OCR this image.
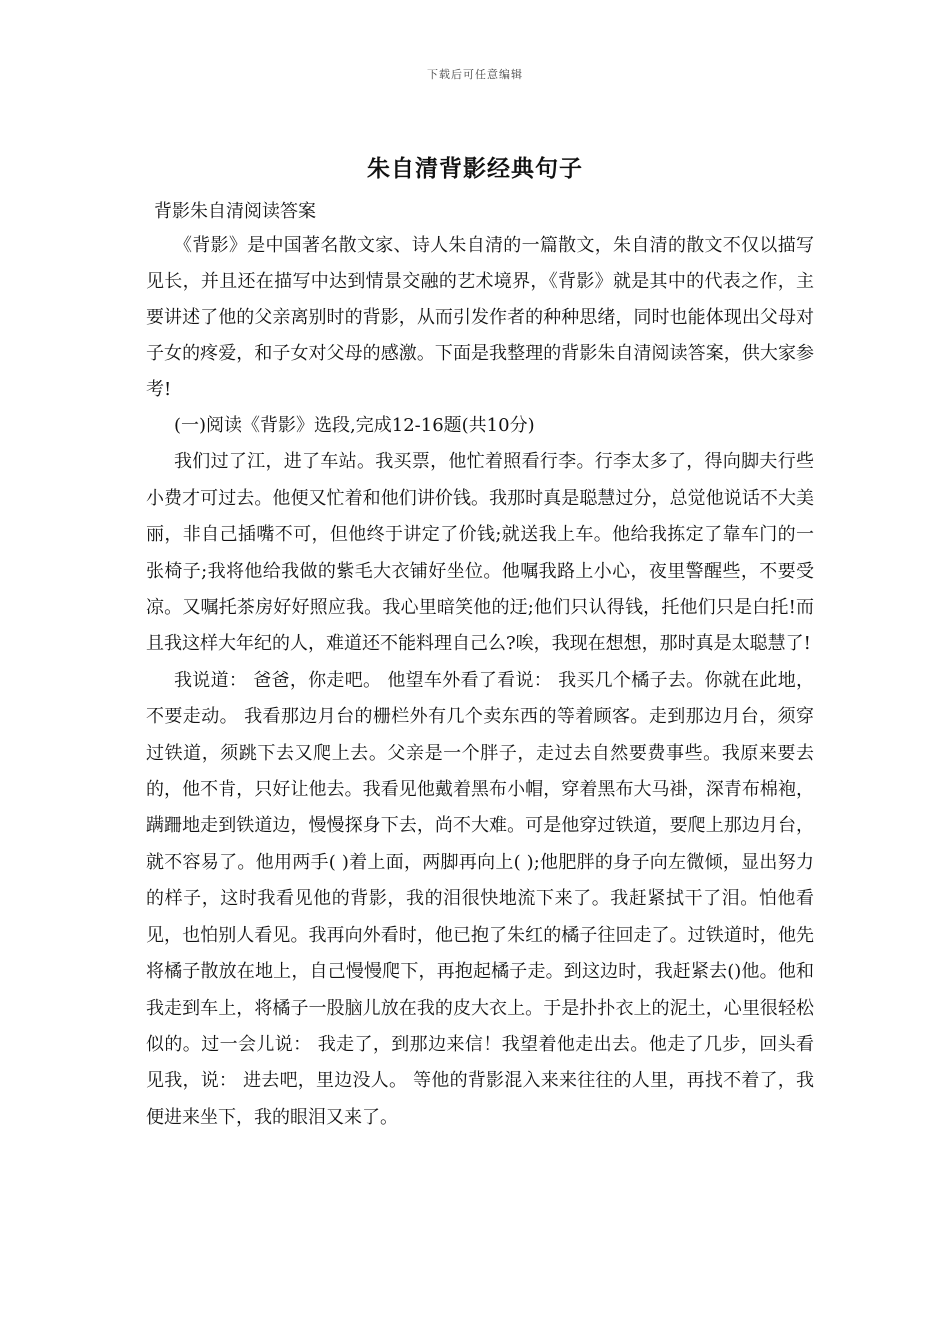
下载后可任意编辑
朱自清背影经典句子

背影朱自清阅读答案

《背影》是中国著名散文家、诗人朱自清的一篇散文，朱自清的散文不仅以描写见长，并且还在描写中达到情景交融的艺术境界，《背影》就是其中的代表之作，主要讲述了他的父亲离别时的背影，从而引发作者的种种思绪，同时也能体现出父母对子女的疼爱，和子女对父母的感激。下面是我整理的背影朱自清阅读答案，供大家参考!

(一)阅读《背影》选段,完成12-16题(共10分)

我们过了江，进了车站。我买票，他忙着照看行李。行李太多了，得向脚夫行些小费才可过去。他便又忙着和他们讲价钱。我那时真是聪慧过分，总觉他说话不大美丽，非自己插嘴不可，但他终于讲定了价钱;就送我上车。他给我拣定了靠车门的一张椅子;我将他给我做的紫毛大衣铺好坐位。他嘱我路上小心，夜里警醒些，不要受凉。又嘱托茶房好好照应我。我心里暗笑他的迂;他们只认得钱，托他们只是白托!而且我这样大年纪的人，难道还不能料理自己么?唉，我现在想想，那时真是太聪慧了!

我说道： 爸爸，你走吧。 他望车外看了看说： 我买几个橘子去。你就在此地，不要走动。 我看那边月台的栅栏外有几个卖东西的等着顾客。走到那边月台，须穿过铁道，须跳下去又爬上去。父亲是一个胖子，走过去自然要费事些。我原来要去的，他不肯，只好让他去。我看见他戴着黑布小帽，穿着黑布大马褂，深青布棉袍，蹒跚地走到铁道边，慢慢探身下去，尚不大难。可是他穿过铁道，要爬上那边月台，就不容易了。他用两手( )着上面，两脚再向上( );他肥胖的身子向左微倾，显出努力的样子，这时我看见他的背影，我的泪很快地流下来了。我赶紧拭干了泪。怕他看见，也怕别人看见。我再向外看时，他已抱了朱红的橘子往回走了。过铁道时，他先将橘子散放在地上，自己慢慢爬下，再抱起橘子走。到这边时，我赶紧去()他。他和我走到车上，将橘子一股脑儿放在我的皮大衣上。于是扑扑衣上的泥土，心里很轻松似的。过一会儿说： 我走了，到那边来信！我望着他走出去。他走了几步，回头看见我，说： 进去吧，里边没人。 等他的背影混入来来往往的人里，再找不着了，我便进来坐下，我的眼泪又来了。
